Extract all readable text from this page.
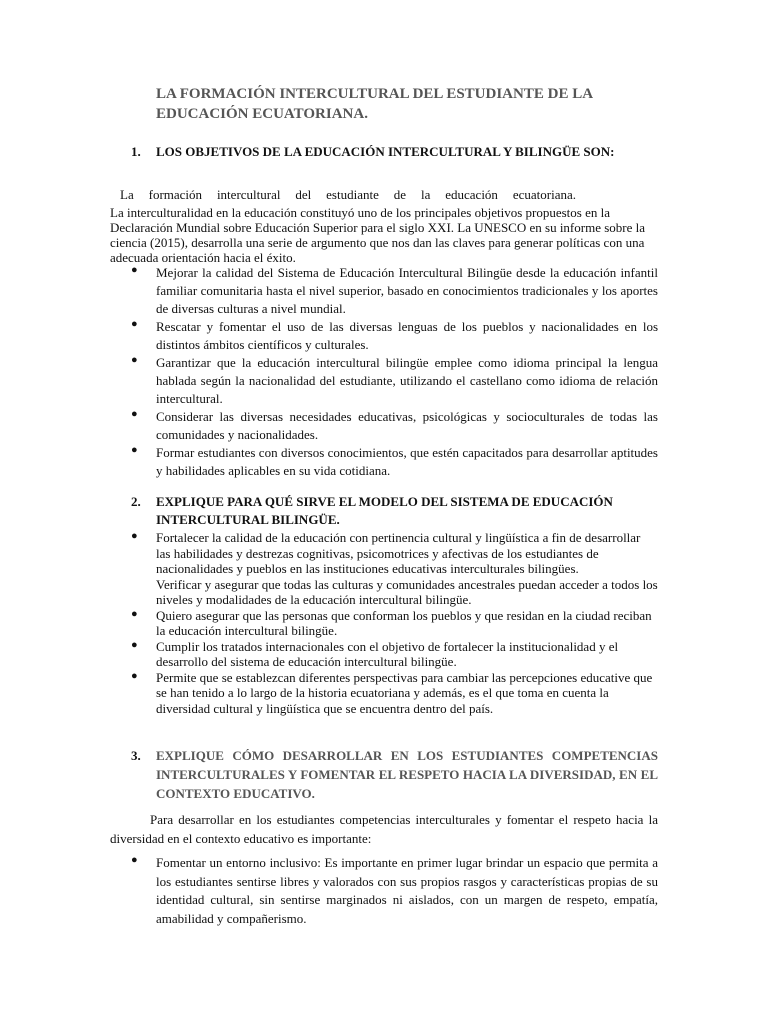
LA FORMACIÓN INTERCULTURAL DEL ESTUDIANTE DE LA EDUCACIÓN ECUATORIANA.
1. LOS OBJETIVOS DE LA EDUCACIÓN INTERCULTURAL Y BILINGÜE SON:
La formación intercultural del estudiante de la educación ecuatoriana.
La interculturalidad en la educación constituyó uno de los principales objetivos propuestos en la Declaración Mundial sobre Educación Superior para el siglo XXI. La UNESCO en su informe sobre la ciencia (2015), desarrolla una serie de argumento que nos dan las claves para generar políticas con una adecuada orientación hacia el éxito.
● Mejorar la calidad del Sistema de Educación Intercultural Bilingüe desde la educación infantil familiar comunitaria hasta el nivel superior, basado en conocimientos tradicionales y los aportes de diversas culturas a nivel mundial.
● Rescatar y fomentar el uso de las diversas lenguas de los pueblos y nacionalidades en los distintos ámbitos científicos y culturales.
● Garantizar que la educación intercultural bilingüe emplee como idioma principal la lengua hablada según la nacionalidad del estudiante, utilizando el castellano como idioma de relación intercultural.
● Considerar las diversas necesidades educativas, psicológicas y socioculturales de todas las comunidades y nacionalidades.
● Formar estudiantes con diversos conocimientos, que estén capacitados para desarrollar aptitudes y habilidades aplicables en su vida cotidiana.
2. EXPLIQUE PARA QUÉ SIRVE EL MODELO DEL SISTEMA DE EDUCACIÓN INTERCULTURAL BILINGÜE.
● Fortalecer la calidad de la educación con pertinencia cultural y lingüística a fin de desarrollar las habilidades y destrezas cognitivas, psicomotrices y afectivas de los estudiantes de nacionalidades y pueblos en las instituciones educativas interculturales bilingües.
Verificar y asegurar que todas las culturas y comunidades ancestrales puedan acceder a todos los niveles y modalidades de la educación intercultural bilingüe.
● Quiero asegurar que las personas que conforman los pueblos y que residan en la ciudad reciban la educación intercultural bilingüe.
● Cumplir los tratados internacionales con el objetivo de fortalecer la institucionalidad y el desarrollo del sistema de educación intercultural bilingüe.
● Permite que se establezcan diferentes perspectivas para cambiar las percepciones educative que se han tenido a lo largo de la historia ecuatoriana y además, es el que toma en cuenta la diversidad cultural y lingüística que se encuentra dentro del país.
3. EXPLIQUE CÓMO DESARROLLAR EN LOS ESTUDIANTES COMPETENCIAS INTERCULTURALES Y FOMENTAR EL RESPETO HACIA LA DIVERSIDAD, EN EL CONTEXTO EDUCATIVO.

Para desarrollar en los estudiantes competencias interculturales y fomentar el respeto hacia la diversidad en el contexto educativo es importante:

● Fomentar un entorno inclusivo: Es importante en primer lugar brindar un espacio que permita a los estudiantes sentirse libres y valorados con sus propios rasgos y características propias de su identidad cultural, sin sentirse marginados ni aislados, con un margen de respeto, empatía, amabilidad y compañerismo.
